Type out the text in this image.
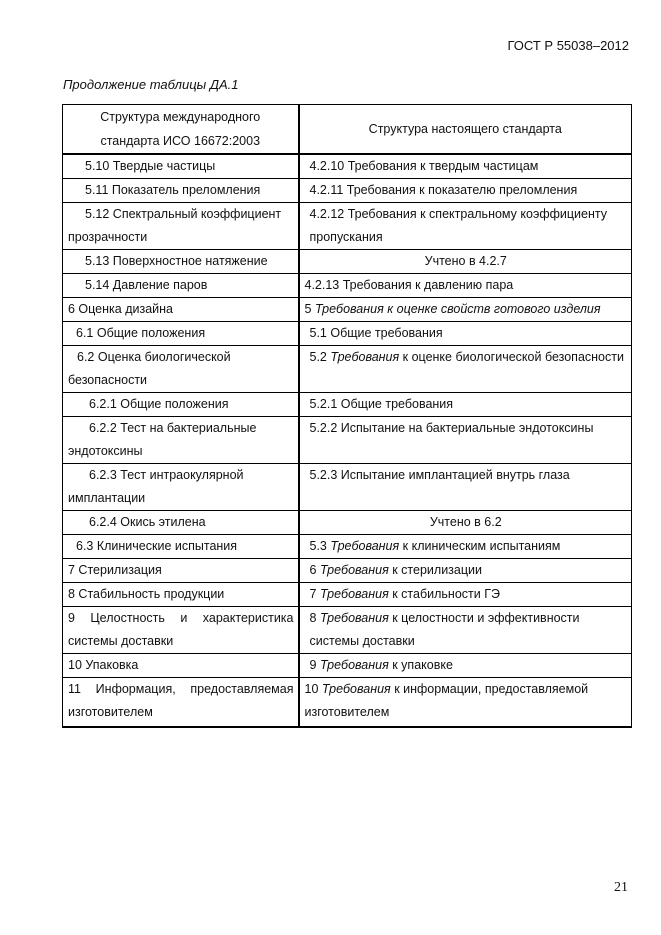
ГОСТ Р 55038–2012
Продолжение таблицы ДА.1
Структура международного стандарта ИСО 16672:2003	Структура настоящего стандарта
5.10 Твердые частицы	4.2.10 Требования к твердым частицам
5.11 Показатель преломления	4.2.11 Требования к показателю преломления
5.12 Спектральный коэффициент прозрачности	4.2.12 Требования к спектральному коэффициенту пропускания
5.13 Поверхностное натяжение	Учтено в 4.2.7
5.14 Давление паров	4.2.13 Требования к давлению пара
6 Оценка дизайна	5 Требования к оценке свойств готового изделия
6.1 Общие положения	5.1 Общие требования
6.2 Оценка биологической безопасности	5.2 Требования к оценке биологической безопасности
6.2.1 Общие положения	5.2.1 Общие требования
6.2.2 Тест на бактериальные эндотоксины	5.2.2 Испытание на бактериальные эндотоксины
6.2.3 Тест интраокулярной имплантации	5.2.3 Испытание имплантацией внутрь глаза
6.2.4 Окись этилена	Учтено в 6.2
6.3 Клинические испытания	5.3 Требования к клиническим испытаниям
7 Стерилизация	6 Требования к стерилизации
8 Стабильность продукции	7 Требования к стабильности ГЭ
9 Целостность и характеристика системы доставки	8 Требования к целостности и эффективности системы доставки
10 Упаковка	9 Требования к упаковке
11 Информация, предоставляемая изготовителем	10 Требования к информации, предоставляемой изготовителем
21
